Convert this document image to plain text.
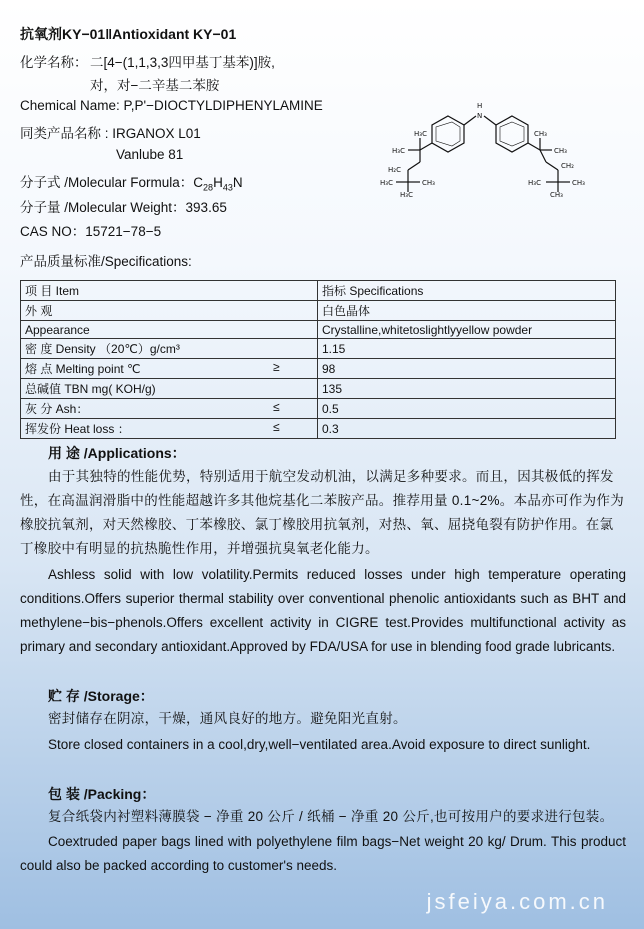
抗氧剂KY−01‖Antioxidant KY−01
化学名称： 二[4−(1,1,3,3四甲基丁基苯)]胺,
对，对−二辛基二苯胺
Chemical Name: P,P'−DIOCTYLDIPHENYLAMINE
同类产品名称 : IRGANOX L01
Vanlube 81
分子式 /Molecular Formula：$C_{28}H_{43}N$
分子量 /Molecular Weight：393.65
CAS NO：15721−78−5
H
N
H₃C
H₃C
H₂C
H₃C	CH₃
H₃C
CH₃
CH₃
CH₂
H₃C	CH₃
CH₃
产品质量标准/Specifications:
项 目 Item	指标 Specifications
外 观	白色晶体
Appearance	Crystalline,whitetoslightlyyellow powder
密 度 Density （20℃）g/cm³	1.15

熔 点 Melting point ℃ ≥	98
总碱值 TBN mg( KOH/g)	135

灰 分 Ash： ≤	0.5

挥发份 Heat loss ： ≤	0.3
用 途 /Applications：
由于其独特的性能优势，特别适用于航空发动机油，以满足多种要求。而且，因其极低的挥发性，在高温润滑脂中的性能超越许多其他烷基化二苯胺产品。推荐用量 0.1~2%。本品亦可作为作为橡胶抗氧剂，对天然橡胶、丁苯橡胶、氯丁橡胶用抗氧剂，对热、氧、屈挠龟裂有防护作用。在氯丁橡胶中有明显的抗热脆性作用，并增强抗臭氧老化能力。
Ashless solid with low volatility.Permits reduced losses under high temperature operating conditions.Offers superior thermal stability over conventional phenolic antioxidants such as BHT and methylene−bis−phenols.Offers excellent activity in CIGRE test.Provides multifunctional activity as primary and secondary antioxidant.Approved by FDA/USA for use in blending food grade lubricants.
贮 存 /Storage：
密封储存在阴凉，干燥，通风良好的地方。避免阳光直射。
Store closed containers in a cool,dry,well−ventilated area.Avoid exposure to direct sunlight.
包 装 /Packing：
复合纸袋内衬塑料薄膜袋 − 净重 20 公斤 / 纸桶 − 净重 20 公斤,也可按用户的要求进行包装。
Coextruded paper bags lined with polyethylene film bags−Net weight 20 kg/ Drum. This product could also be packed according to customer's needs.
jsfeiya.com.cn
